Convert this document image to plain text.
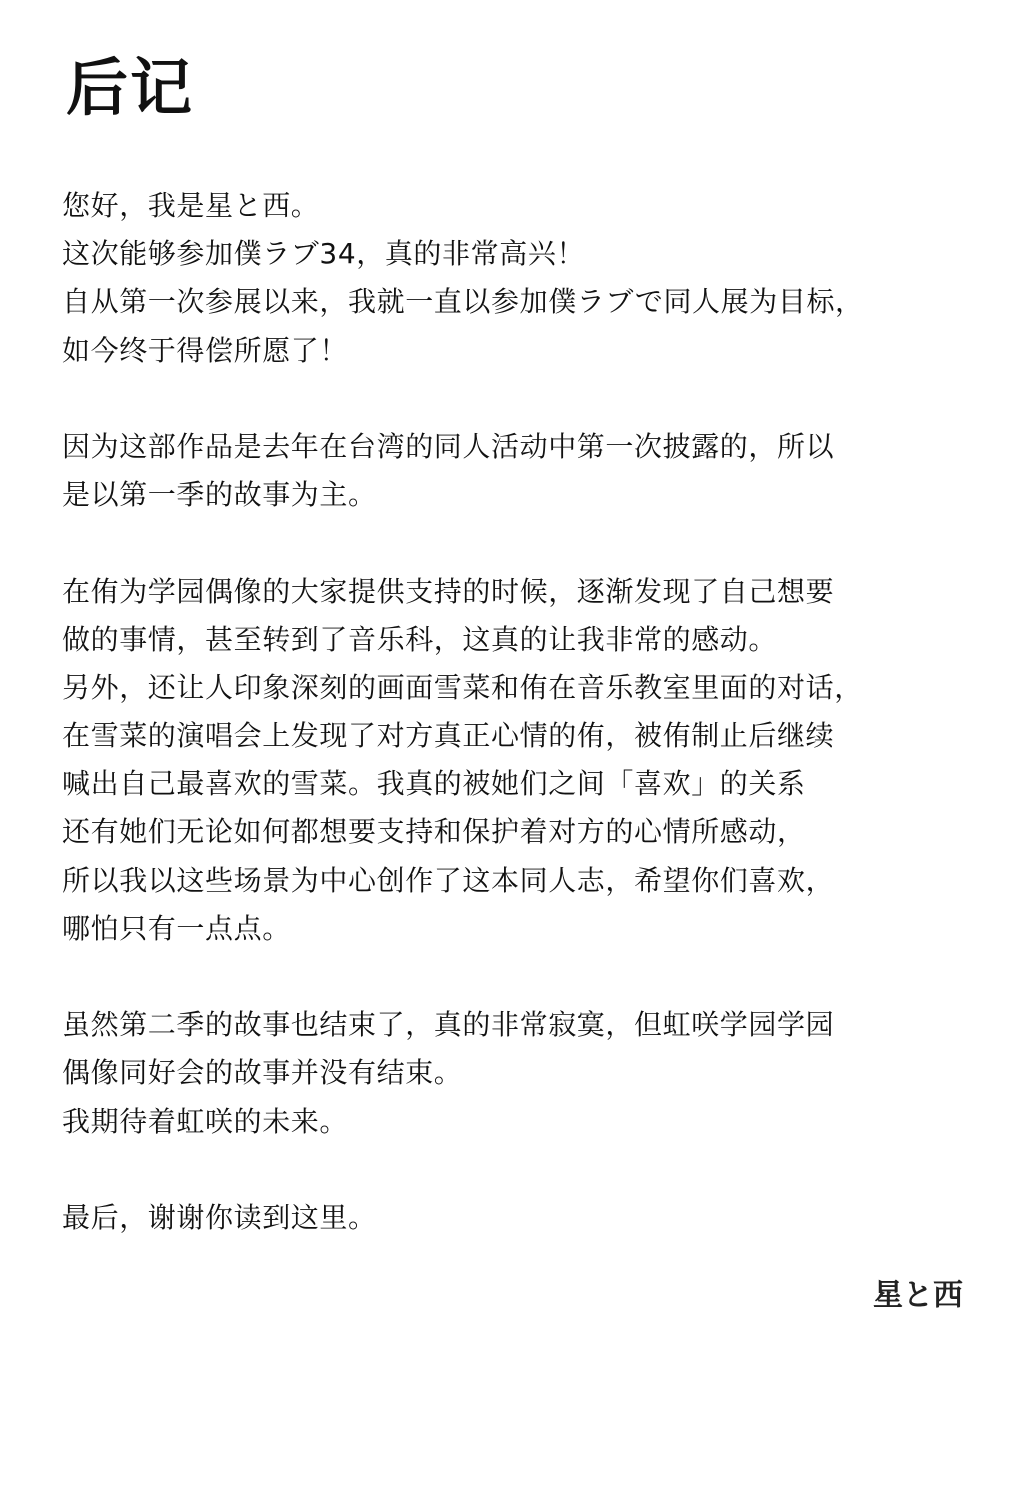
后记
您好，我是星と西。
这次能够参加僕ラブ34，真的非常高兴！
自从第一次参展以来，我就一直以参加僕ラブで同人展为目标，
如今终于得偿所愿了！
因为这部作品是去年在台湾的同人活动中第一次披露的，所以
是以第一季的故事为主。
在侑为学园偶像的大家提供支持的时候，逐渐发现了自己想要
做的事情，甚至转到了音乐科，这真的让我非常的感动。
另外，还让人印象深刻的画面雪菜和侑在音乐教室里面的对话，
在雪菜的演唱会上发现了对方真正心情的侑，被侑制止后继续
喊出自己最喜欢的雪菜。我真的被她们之间「喜欢」的关系
还有她们无论如何都想要支持和保护着对方的心情所感动，
所以我以这些场景为中心创作了这本同人志，希望你们喜欢，
哪怕只有一点点。
虽然第二季的故事也结束了，真的非常寂寞，但虹咲学园学园
偶像同好会的故事并没有结束。
我期待着虹咲的未来。
最后，谢谢你读到这里。
星と西
